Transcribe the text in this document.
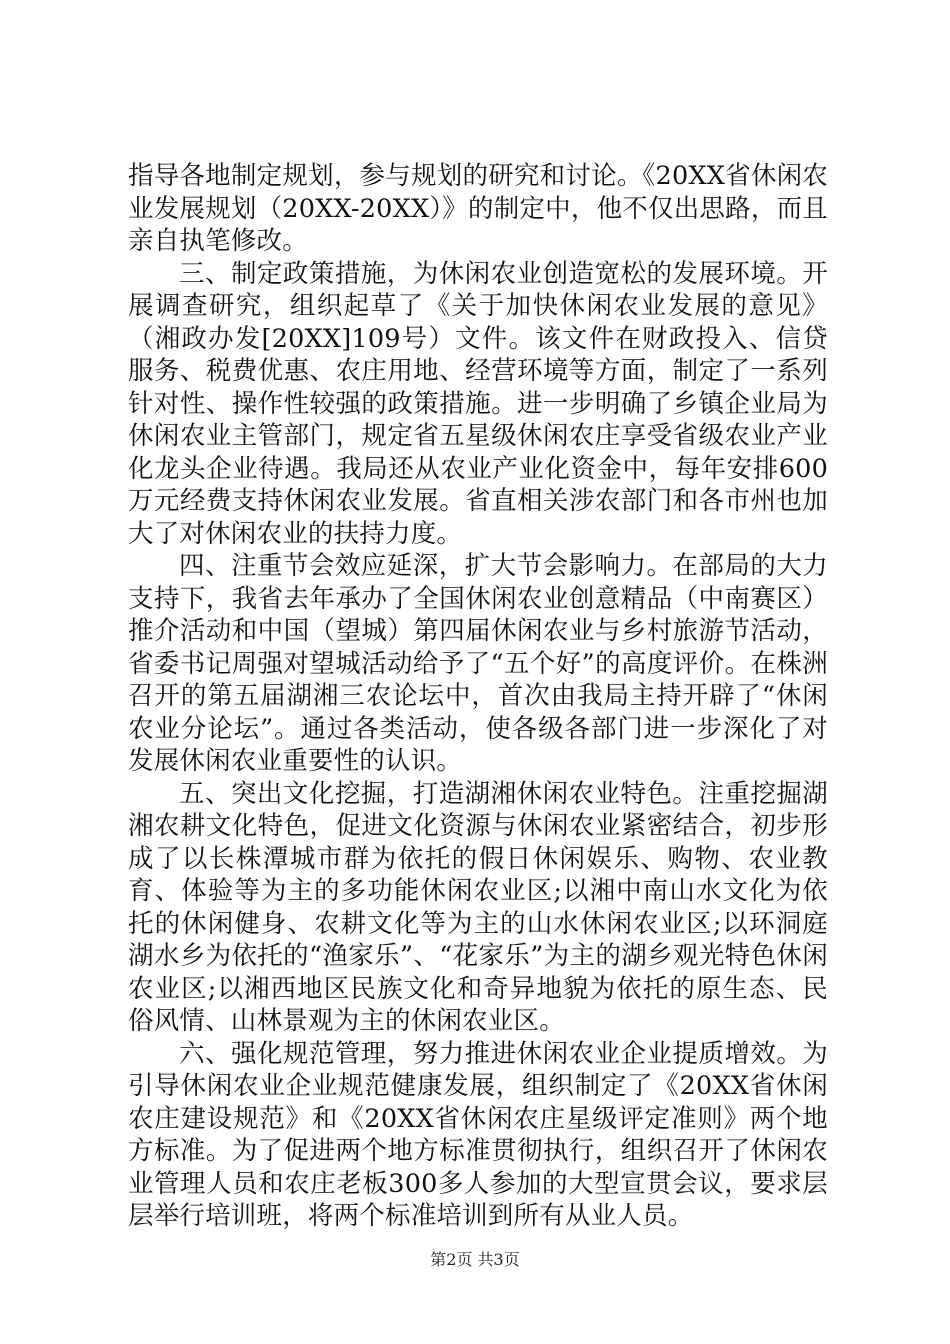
指导各地制定规划，参与规划的研究和讨论。《20XX省休闲农业发展规划（20XX-20XX）》的制定中，他不仅出思路，而且亲自执笔修改。

三、制定政策措施，为休闲农业创造宽松的发展环境。开展调查研究，组织起草了《关于加快休闲农业发展的意见》（湘政办发[20XX]109号）文件。该文件在财政投入、信贷服务、税费优惠、农庄用地、经营环境等方面，制定了一系列针对性、操作性较强的政策措施。进一步明确了乡镇企业局为休闲农业主管部门，规定省五星级休闲农庄享受省级农业产业化龙头企业待遇。我局还从农业产业化资金中，每年安排600万元经费支持休闲农业发展。省直相关涉农部门和各市州也加大了对休闲农业的扶持力度。

四、注重节会效应延深，扩大节会影响力。在部局的大力支持下，我省去年承办了全国休闲农业创意精品（中南赛区）推介活动和中国（望城）第四届休闲农业与乡村旅游节活动，省委书记周强对望城活动给予了“五个好”的高度评价。在株洲召开的第五届湖湘三农论坛中，首次由我局主持开辟了“休闲农业分论坛”。通过各类活动，使各级各部门进一步深化了对发展休闲农业重要性的认识。

五、突出文化挖掘，打造湖湘休闲农业特色。注重挖掘湖湘农耕文化特色，促进文化资源与休闲农业紧密结合，初步形成了以长株潭城市群为依托的假日休闲娱乐、购物、农业教育、体验等为主的多功能休闲农业区;以湘中南山水文化为依托的休闲健身、农耕文化等为主的山水休闲农业区;以环洞庭湖水乡为依托的“渔家乐”、“花家乐”为主的湖乡观光特色休闲农业区;以湘西地区民族文化和奇异地貌为依托的原生态、民俗风情、山林景观为主的休闲农业区。

六、强化规范管理，努力推进休闲农业企业提质增效。为引导休闲农业企业规范健康发展，组织制定了《20XX省休闲农庄建设规范》和《20XX省休闲农庄星级评定准则》两个地方标准。为了促进两个地方标准贯彻执行，组织召开了休闲农业管理人员和农庄老板300多人参加的大型宣贯会议，要求层层举行培训班，将两个标准培训到所有从业人员。

第2页 共3页
